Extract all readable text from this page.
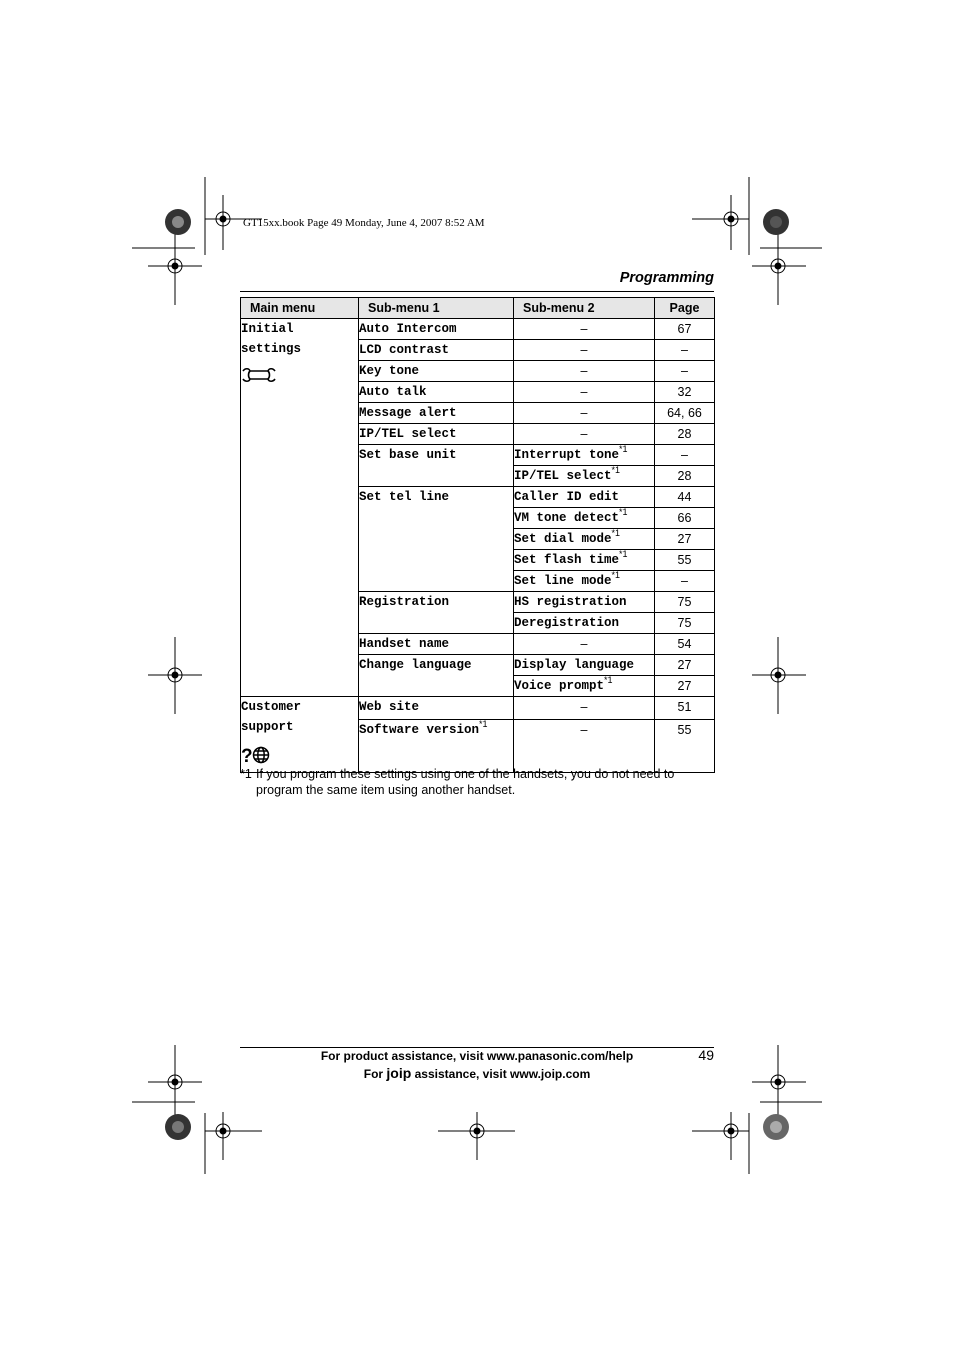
GT15xx.book Page 49 Monday, June 4, 2007 8:52 AM
Programming
Main menu	Sub-menu 1	Sub-menu 2	Page

Initial
settings	Auto Intercom	–	67
	LCD contrast	–	–
	Key tone	–	–
	Auto talk	–	32
	Message alert	–	64, 66
	IP/TEL select	–	28
	Set base unit	Interrupt tone$^{*1}$	–
		IP/TEL select$^{*1}$	28
	Set tel line	Caller ID edit	44
		VM tone detect$^{*1}$	66
		Set dial mode$^{*1}$	27
		Set flash time$^{*1}$	55
		Set line mode$^{*1}$	–
	Registration	HS registration	75
		Deregistration	75
	Handset name	–	54
	Change language	Display language	27
		Voice prompt$^{*1}$	27

Customer
support
?	Web site	–	51
	Software version$^{*1}$	–	55
*1 If you program these settings using one of the handsets, you do not need to program the same item using another handset.
For product assistance, visit www.panasonic.com/help
For joip assistance, visit www.joip.com
49
